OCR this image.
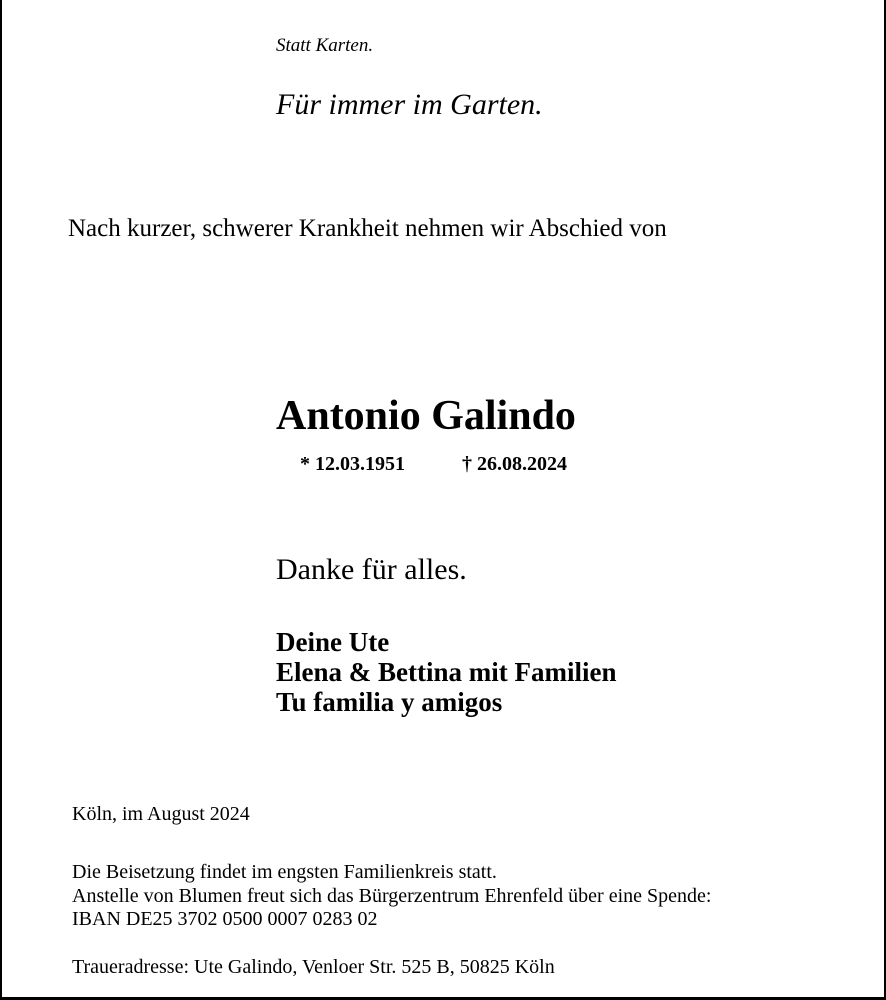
Statt Karten.
Für immer im Garten.
Nach kurzer, schwerer Krankheit nehmen wir Abschied von
Antonio Galindo
* 12.03.1951	† 26.08.2024
Danke für alles.
Deine Ute
Elena & Bettina mit Familien
Tu familia y amigos
Köln, im August 2024
Die Beisetzung findet im engsten Familienkreis statt.
Anstelle von Blumen freut sich das Bürgerzentrum Ehrenfeld über eine Spende:
IBAN DE25 3702 0500 0007 0283 02
Traueradresse: Ute Galindo, Venloer Str. 525 B, 50825 Köln
